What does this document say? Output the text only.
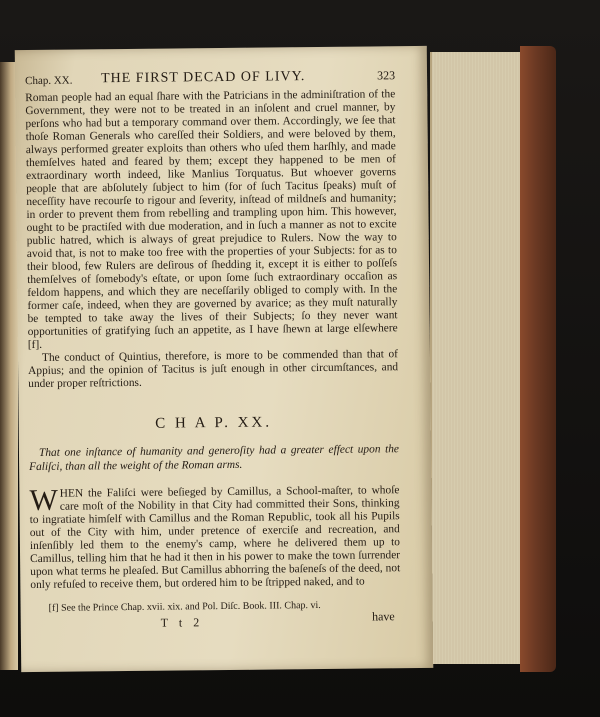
Chap. XX. THE FIRST DECAD OF LIVY.	323

Roman people had an equal ſhare with the Patricians in the adminiſtration of the Government, they were not to be treated in an inſolent and cruel manner, by perſons who had but a temporary command over them. Accordingly, we ſee that thoſe Roman Generals who careſſed their Soldiers, and were beloved by them, always performed greater exploits than others who uſed them harſhly, and made themſelves hated and feared by them; except they happened to be men of extraordinary worth indeed, like Manlius Torquatus. But whoever governs people that are abſolutely ſubject to him (for of ſuch Tacitus ſpeaks) muſt of neceſſity have recourſe to rigour and ſeverity, inſtead of mildneſs and humanity; in order to prevent them from rebelling and trampling upon him. This however, ought to be practiſed with due moderation, and in ſuch a manner as not to excite public hatred, which is always of great prejudice to Rulers. Now the way to avoid that, is not to make too free with the properties of your Subjects: for as to their blood, few Rulers are deſirous of ſhedding it, except it is either to poſſeſs themſelves of ſomebody's eſtate, or upon ſome ſuch extraordinary occaſion as feldom happens, and which they are neceſſarily obliged to comply with. In the former caſe, indeed, when they are governed by avarice; as they muſt naturally be tempted to take away the lives of their Subjects; ſo they never want opportunities of gratifying ſuch an appetite, as I have ſhewn at large elſewhere [f].

The conduct of Quintius, therefore, is more to be commended than that of Appius; and the opinion of Tacitus is juſt enough in other circumſtances, and under proper reſtrictions.

C H A P. XX.

That one inſtance of humanity and generoſity had a greater effect upon the Faliſci, than all the weight of the Roman arms.

W HEN the Faliſci were beſieged by Camillus, a School-maſter, to whoſe care moſt of the Nobility in that City had committed their Sons, thinking to ingratiate himſelf with Camillus and the Roman Republic, took all his Pupils out of the City with him, under pretence of exerciſe and recreation, and inſenſibly led them to the enemy's camp, where he delivered them up to Camillus, telling him that he had it then in his power to make the town ſurrender upon what terms he pleaſed. But Camillus abhorring the baſeneſs of the deed, not only refuſed to receive them, but ordered him to be ſtripped naked, and to

[f] See the Prince Chap. xvii. xix. and Pol. Diſc. Book. III. Chap. vi.
T t 2	have
